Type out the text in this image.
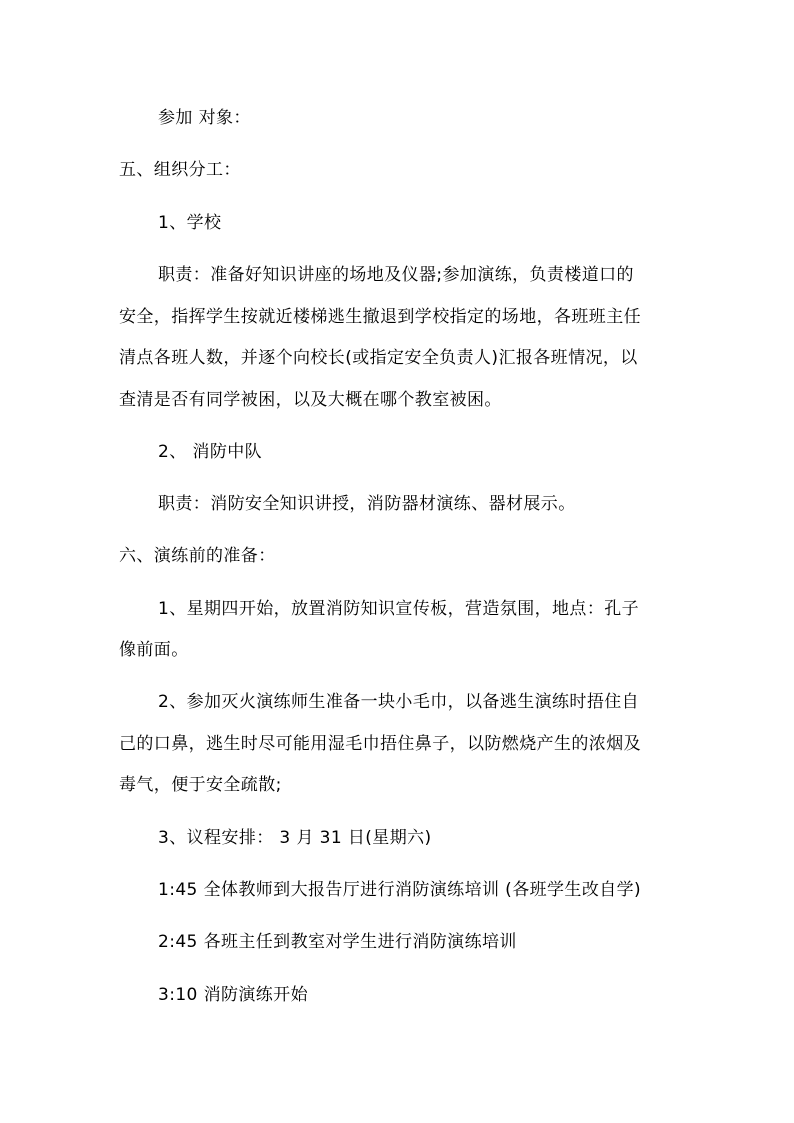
参加 对象：
五、组织分工：
1、学校
职责：准备好知识讲座的场地及仪器;参加演练，负责楼道口的
安全，指挥学生按就近楼梯逃生撤退到学校指定的场地，各班班主任
清点各班人数，并逐个向校长(或指定安全负责人)汇报各班情况，以
查清是否有同学被困，以及大概在哪个教室被困。
2、 消防中队
职责：消防安全知识讲授，消防器材演练、器材展示。
六、演练前的准备：
1、星期四开始，放置消防知识宣传板，营造氛围，地点：孔子
像前面。
2、参加灭火演练师生准备一块小毛巾，以备逃生演练时捂住自
己的口鼻，逃生时尽可能用湿毛巾捂住鼻子，以防燃烧产生的浓烟及
毒气，便于安全疏散;
3、议程安排： 3 月 31 日(星期六)
1:45 全体教师到大报告厅进行消防演练培训 (各班学生改自学)
2:45 各班主任到教室对学生进行消防演练培训
3:10 消防演练开始
